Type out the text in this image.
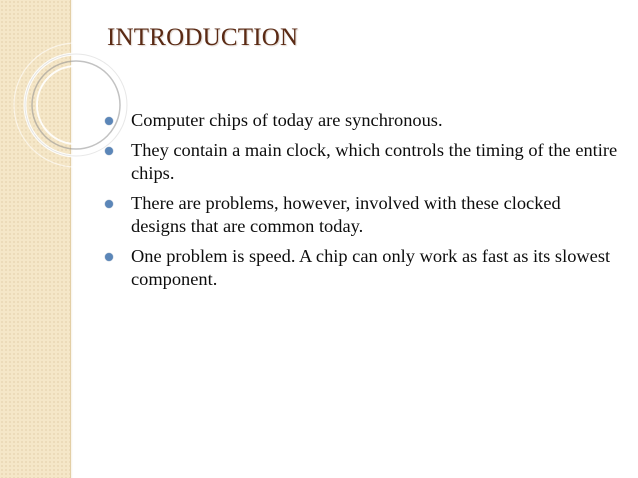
INTRODUCTION
Computer chips of today are synchronous.
They contain a main clock, which controls the timing of the entire chips.
There are problems, however, involved with these clocked designs that are common today.
One problem is speed. A chip can only work as fast as its slowest component.
